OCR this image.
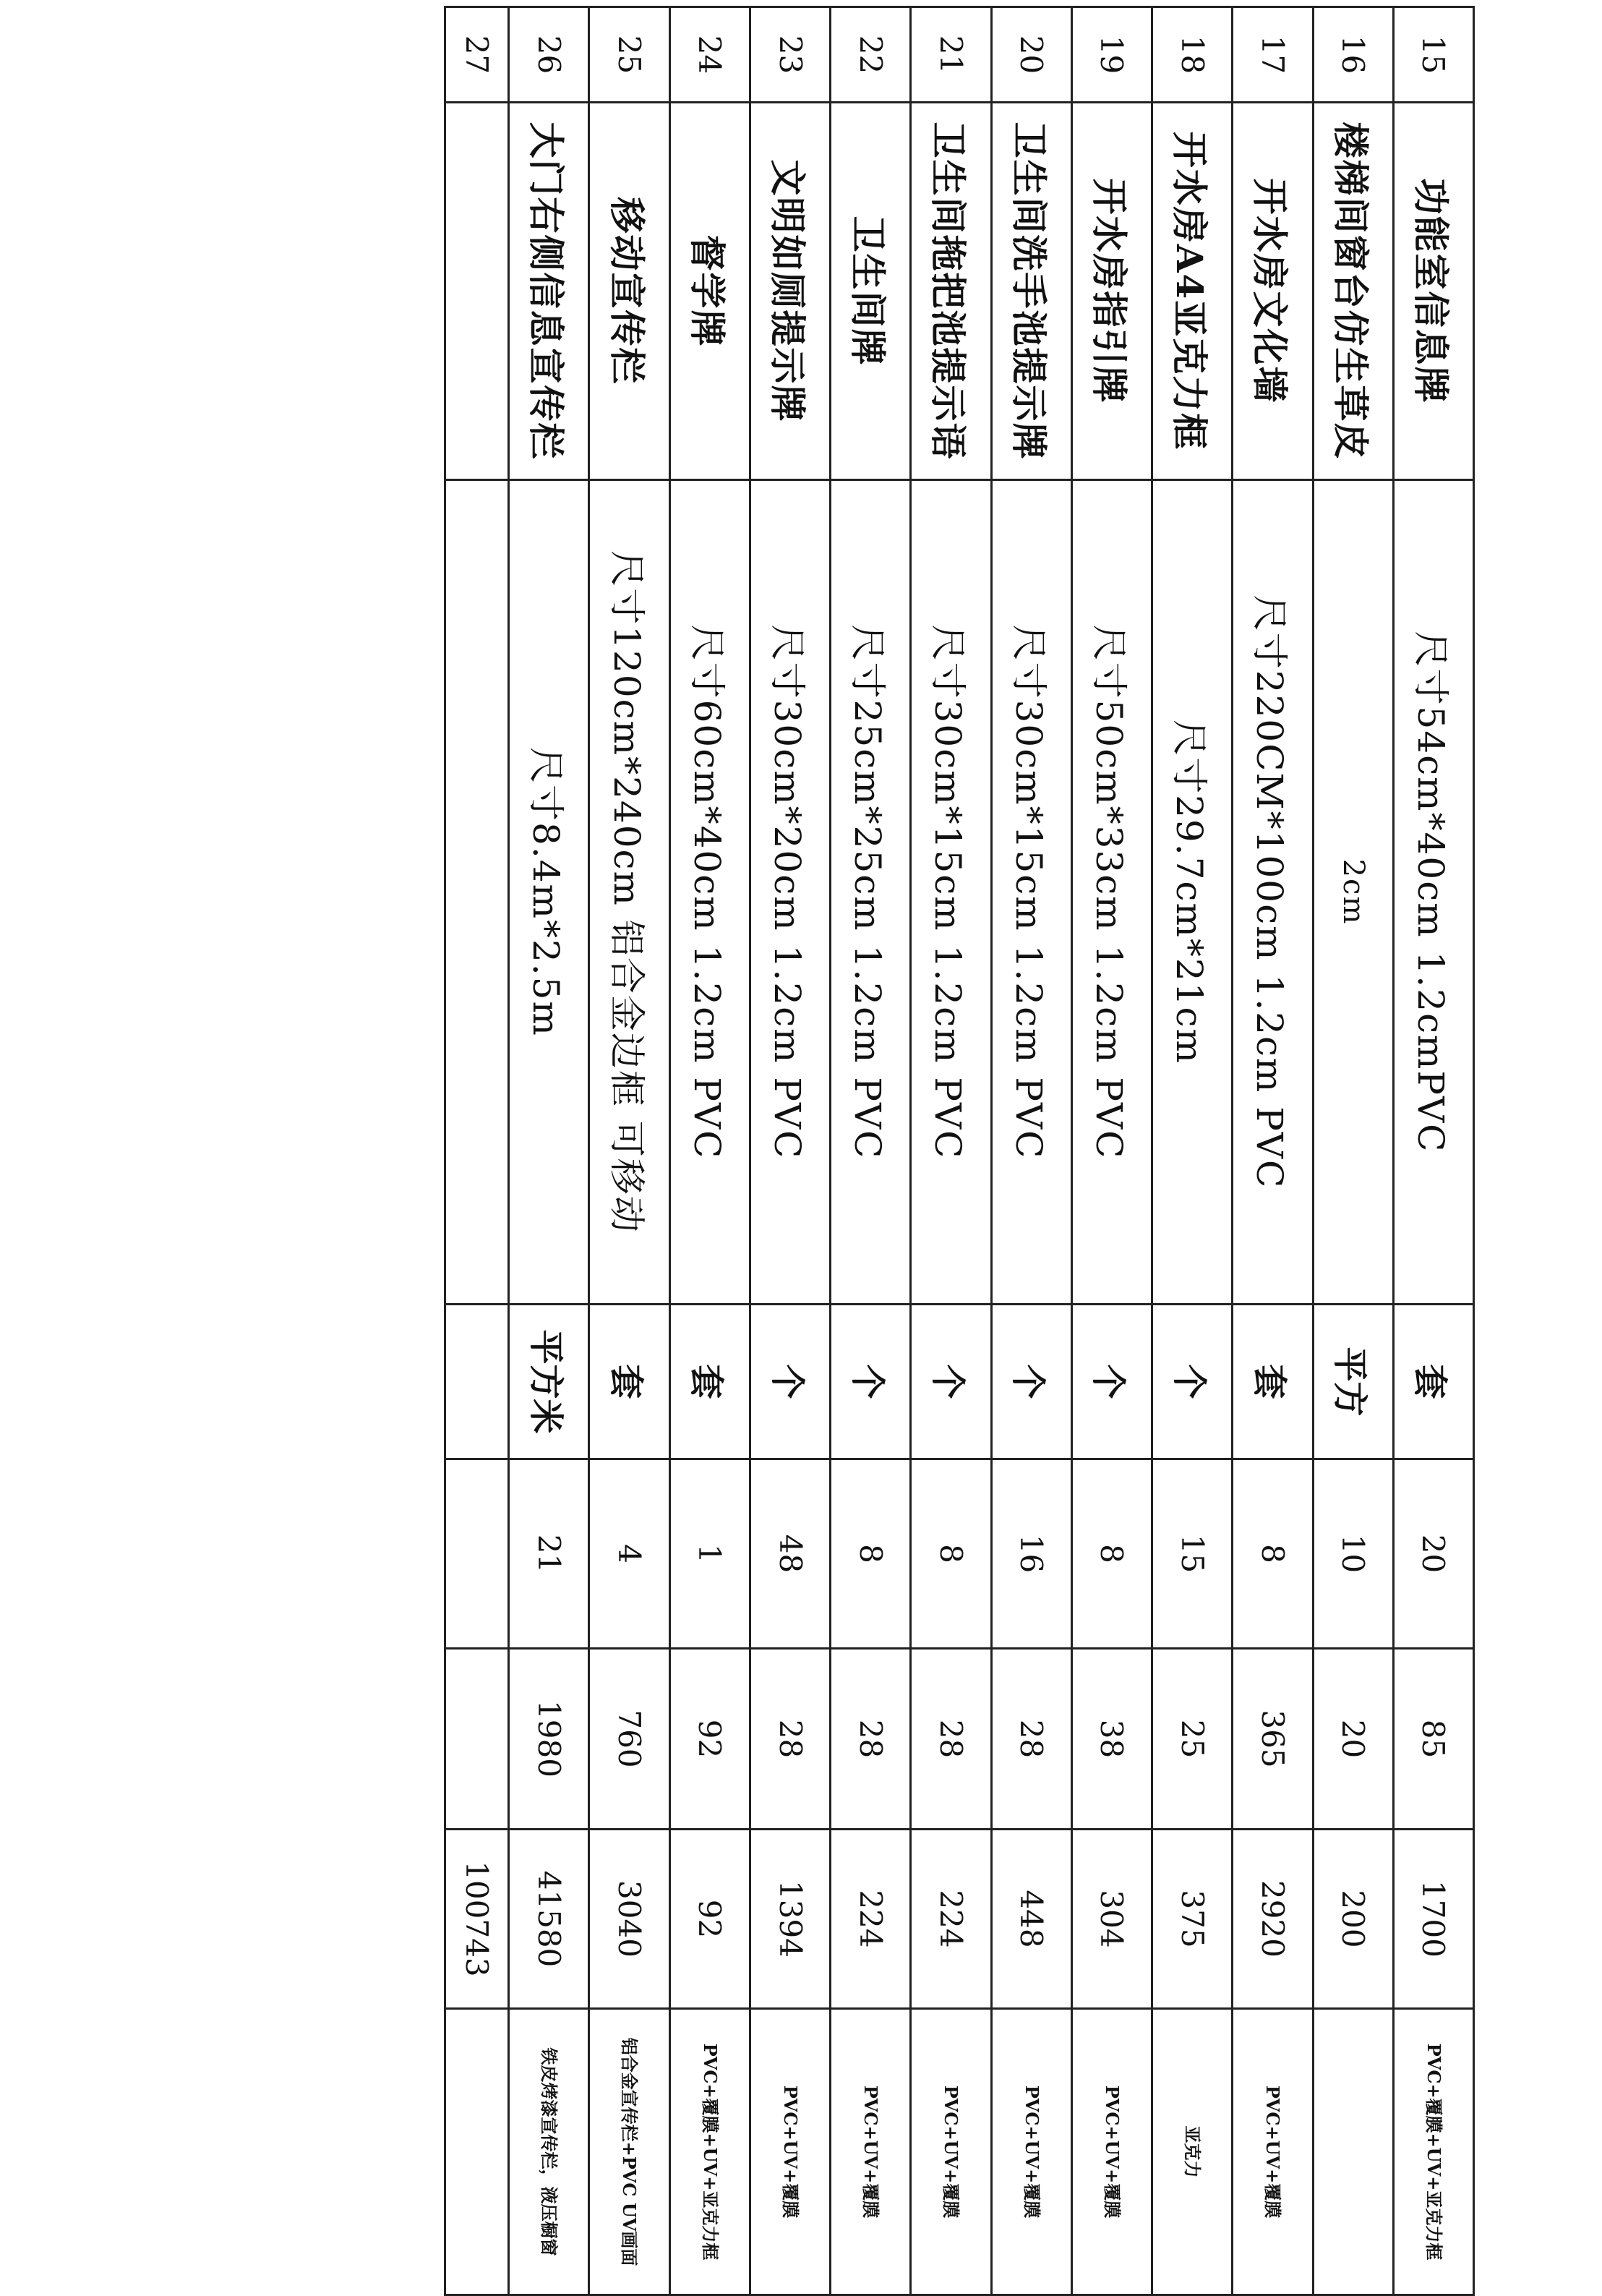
15	功能室信息牌	尺寸54cm*40cm 1.2cmPVC	套	20	85	1700	PVC+覆膜+UV+亚克力框
16	楼梯间窗台仿生草皮	2cm	平方	10	20	200	
17	开水房文化墙	尺寸220CM*100cm 1.2cm PVC	套	8	365	2920	PVC+UV+覆膜
18	开水房A4亚克力框	尺寸29.7cm*21cm	个	15	25	375	亚克力
19	开水房指引牌	尺寸50cm*33cm 1.2cm PVC	个	8	38	304	PVC+UV+覆膜
20	卫生间洗手池提示牌	尺寸30cm*15cm 1.2cm PVC	个	16	28	448	PVC+UV+覆膜
21	卫生间拖把池提示语	尺寸30cm*15cm 1.2cm PVC	个	8	28	224	PVC+UV+覆膜
22	卫生间牌	尺寸25cm*25cm 1.2cm PVC	个	8	28	224	PVC+UV+覆膜
23	文明如厕提示牌	尺寸30cm*20cm 1.2cm PVC	个	48	28	1394	PVC+UV+覆膜
24	督学牌	尺寸60cm*40cm 1.2cm PVC	套	1	92	92	PVC+覆膜+UV+亚克力框
25	移动宣传栏	尺寸120cm*240cm 铝合金边框 可移动	套	4	760	3040	铝合金宣传栏+PVC UV画面
26	大门右侧信息宣传栏	尺寸8.4m*2.5m	平方米	21	1980	41580	铁皮烤漆宣传栏，液压橱窗
27						100743	
